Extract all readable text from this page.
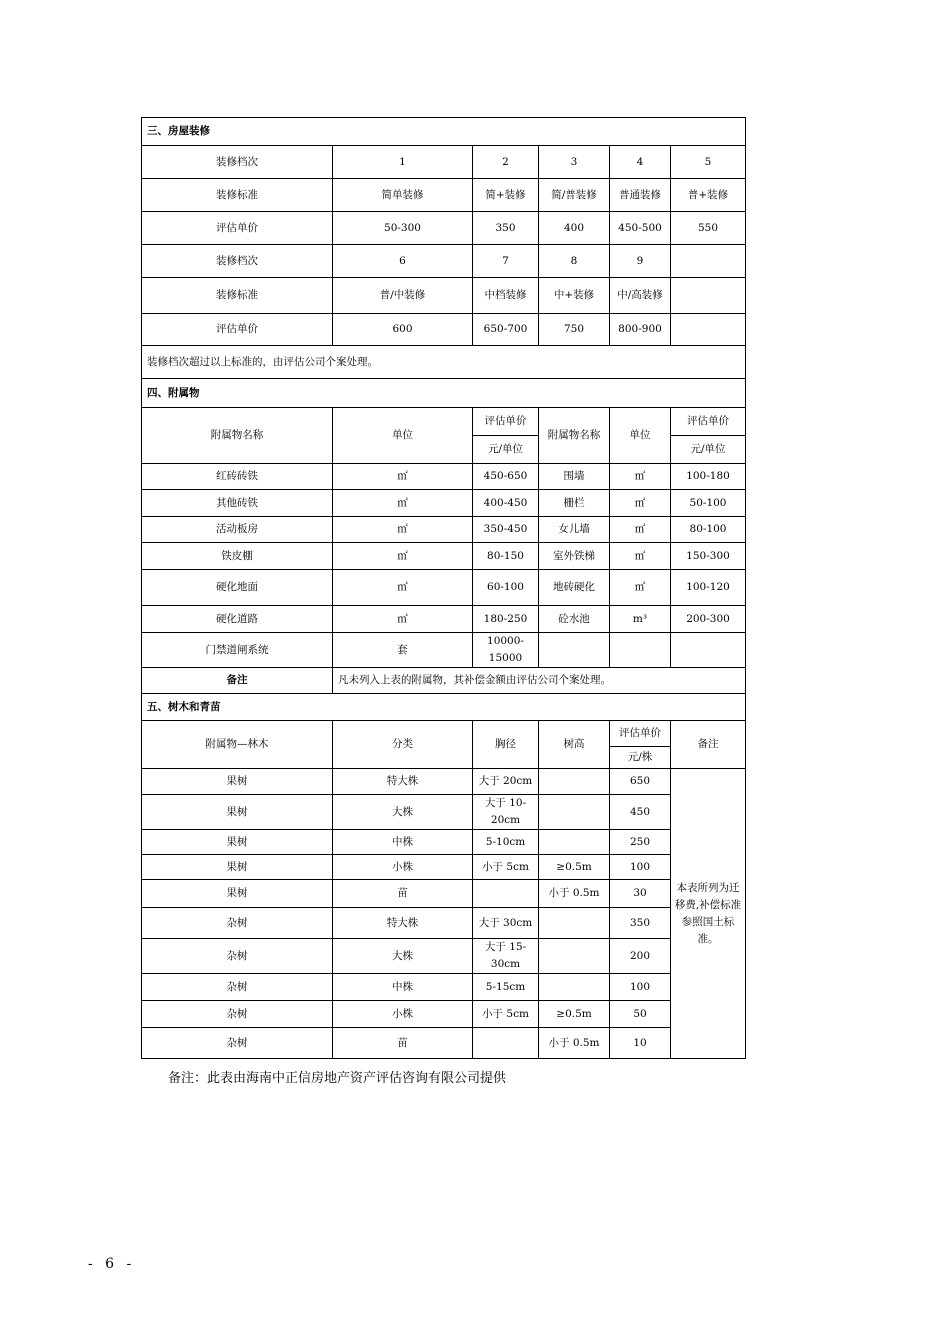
三、房屋装修					
装修档次	1	2	3	4	5
装修标准	简单装修	简+装修	简/普装修	普通装修	普+装修
评估单价	50-300	350	400	450-500	550
装修档次	6	7	8	9	
装修标准	普/中装修	中档装修	中+装修	中/高装修	
评估单价	600	650-700	750	800-900	
装修档次超过以上标准的，由评估公司个案处理。					
四、附属物					
附属物名称	单位	评估单价	附属物名称	单位	评估单价
		元/单位			元/单位
红砖砖铁	㎡	450-650	围墙	㎡	100-180
其他砖铁	㎡	400-450	栅栏	㎡	50-100
活动板房	㎡	350-450	女儿墙	㎡	80-100
铁皮棚	㎡	80-150	室外铁梯	㎡	150-300
硬化地面	㎡	60-100	地砖硬化	㎡	100-120
硬化道路	㎡	180-250	砼水池	m³	200-300
门禁道闸系统	套	10000-15000			
备注	凡未列入上表的附属物，其补偿金额由评估公司个案处理。				
五、树木和青苗					
附属物—林木	分类	胸径	树高	评估单价	备注
				元/株	
果树	特大株	大于 20cm		650	本表所列为迁移费,补偿标准参照国土标准。
果树	大株	大于 10-20cm		450	
果树	中株	5-10cm		250	
果树	小株	小于 5cm	≥0.5m	100	
果树	苗		小于 0.5m	30	
杂树	特大株	大于 30cm		350	
杂树	大株	大于 15-30cm		200	
杂树	中株	5-15cm		100	
杂树	小株	小于 5cm	≥0.5m	50	
杂树	苗		小于 0.5m	10	
备注：此表由海南中正信房地产资产评估咨询有限公司提供
- 6 -
